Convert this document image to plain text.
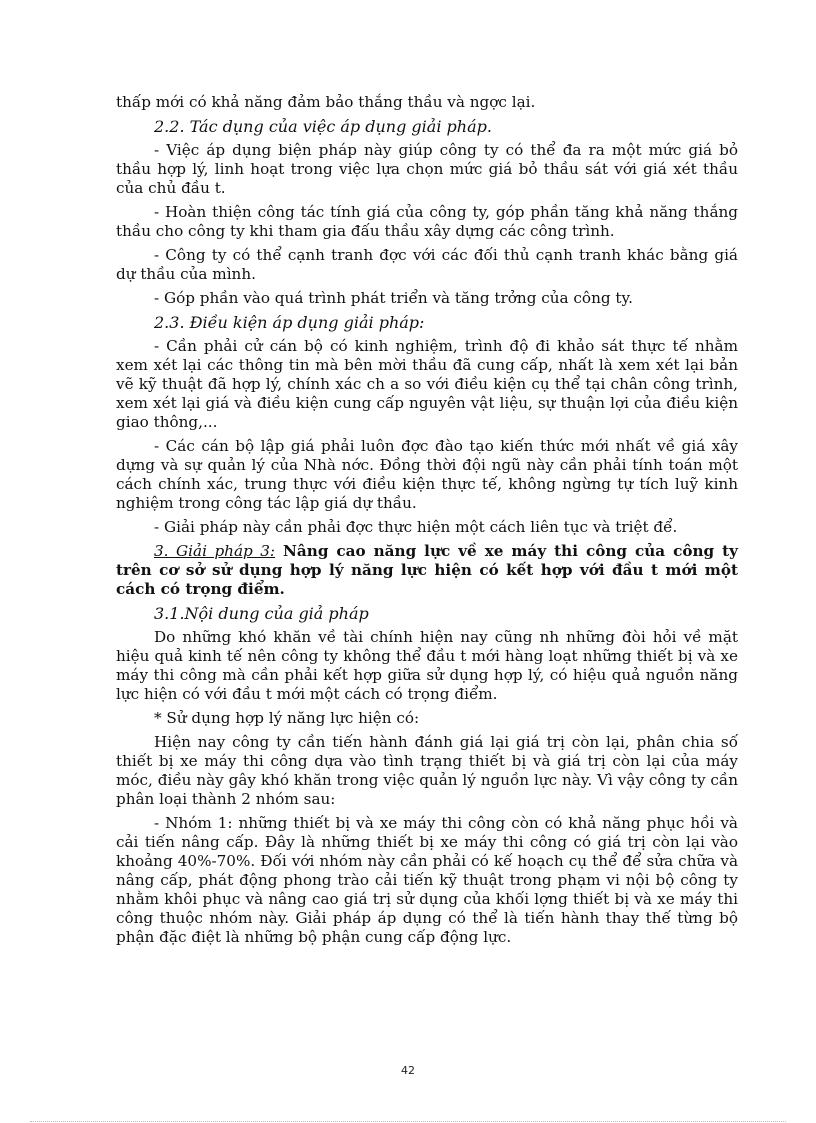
thấp mới có khả năng đảm bảo thắng thầu và ngợc lại.

2.2. Tác dụng của việc áp dụng giải pháp.

- Việc áp dụng biện pháp này giúp công ty có thể đa ra một mức giá bỏ thầu hợp lý, linh hoạt trong việc lựa chọn mức giá bỏ thầu sát với giá xét thầu của chủ đầu t.

- Hoàn thiện công tác tính giá của công ty, góp phần tăng khả năng thắng thầu cho công ty khi tham gia đấu thầu xây dựng các công trình.

- Công ty có thể cạnh tranh đợc với các đối thủ cạnh tranh khác bằng giá dự thầu của mình.

- Góp phần vào quá trình phát triển và tăng trởng của công ty.

2.3. Điều kiện áp dụng giải pháp:

- Cần phải cử cán bộ có kinh nghiệm, trình độ đi khảo sát thực tế nhằm xem xét lại các thông tin mà bên mời thầu đã cung cấp, nhất là xem xét lại bản vẽ kỹ thuật đã hợp lý, chính xác ch a so với điều kiện cụ thể tại chân công trình, xem xét lại giá và điều kiện cung cấp nguyên vật liệu, sự thuận lợi của điều kiện giao thông,...

- Các cán bộ lập giá phải luôn đợc đào tạo kiến thức mới nhất về giá xây dựng và sự quản lý của Nhà nớc. Đồng thời đội ngũ này cần phải tính toán một cách chính xác, trung thực với điều kiện thực tế, không ngừng tự tích luỹ kinh nghiệm trong công tác lập giá dự thầu.

- Giải pháp này cần phải đợc thực hiện một cách liên tục và triệt để.

3. Giải pháp 3: Nâng cao năng lực về xe máy thi công của công ty trên cơ sở sử dụng hợp lý năng lực hiện có kết hợp với đầu t mới một cách có trọng điểm.

3.1.Nội dung của giả pháp

Do những khó khăn về tài chính hiện nay cũng nh những đòi hỏi về mặt hiệu quả kinh tế nên công ty không thể đầu t mới hàng loạt những thiết bị và xe máy thi công mà cần phải kết hợp giữa sử dụng hợp lý, có hiệu quả nguồn năng lực hiện có với đầu t mới một cách có trọng điểm.

* Sử dụng hợp lý năng lực hiện có:

Hiện nay công ty cần tiến hành đánh giá lại giá trị còn lại, phân chia số thiết bị xe máy thi công dựa vào tình trạng thiết bị và giá trị còn lại của máy móc, điều này gây khó khăn trong việc quản lý nguồn lực này. Vì vậy công ty cần phân loại thành 2 nhóm sau:

- Nhóm 1: những thiết bị và xe máy thi công còn có khả năng phục hồi và cải tiến nâng cấp. Đây là những thiết bị xe máy thi công có giá trị còn lại vào khoảng 40%-70%. Đối với nhóm này cần phải có kế hoạch cụ thể để sửa chữa và nâng cấp, phát động phong trào cải tiến kỹ thuật trong phạm vi nội bộ công ty nhằm khôi phục và nâng cao giá trị sử dụng của khối lợng thiết bị và xe máy thi công thuộc nhóm này. Giải pháp áp dụng có thể là tiến hành thay thế từng bộ phận đặc điệt là những bộ phận cung cấp động lực.

42
